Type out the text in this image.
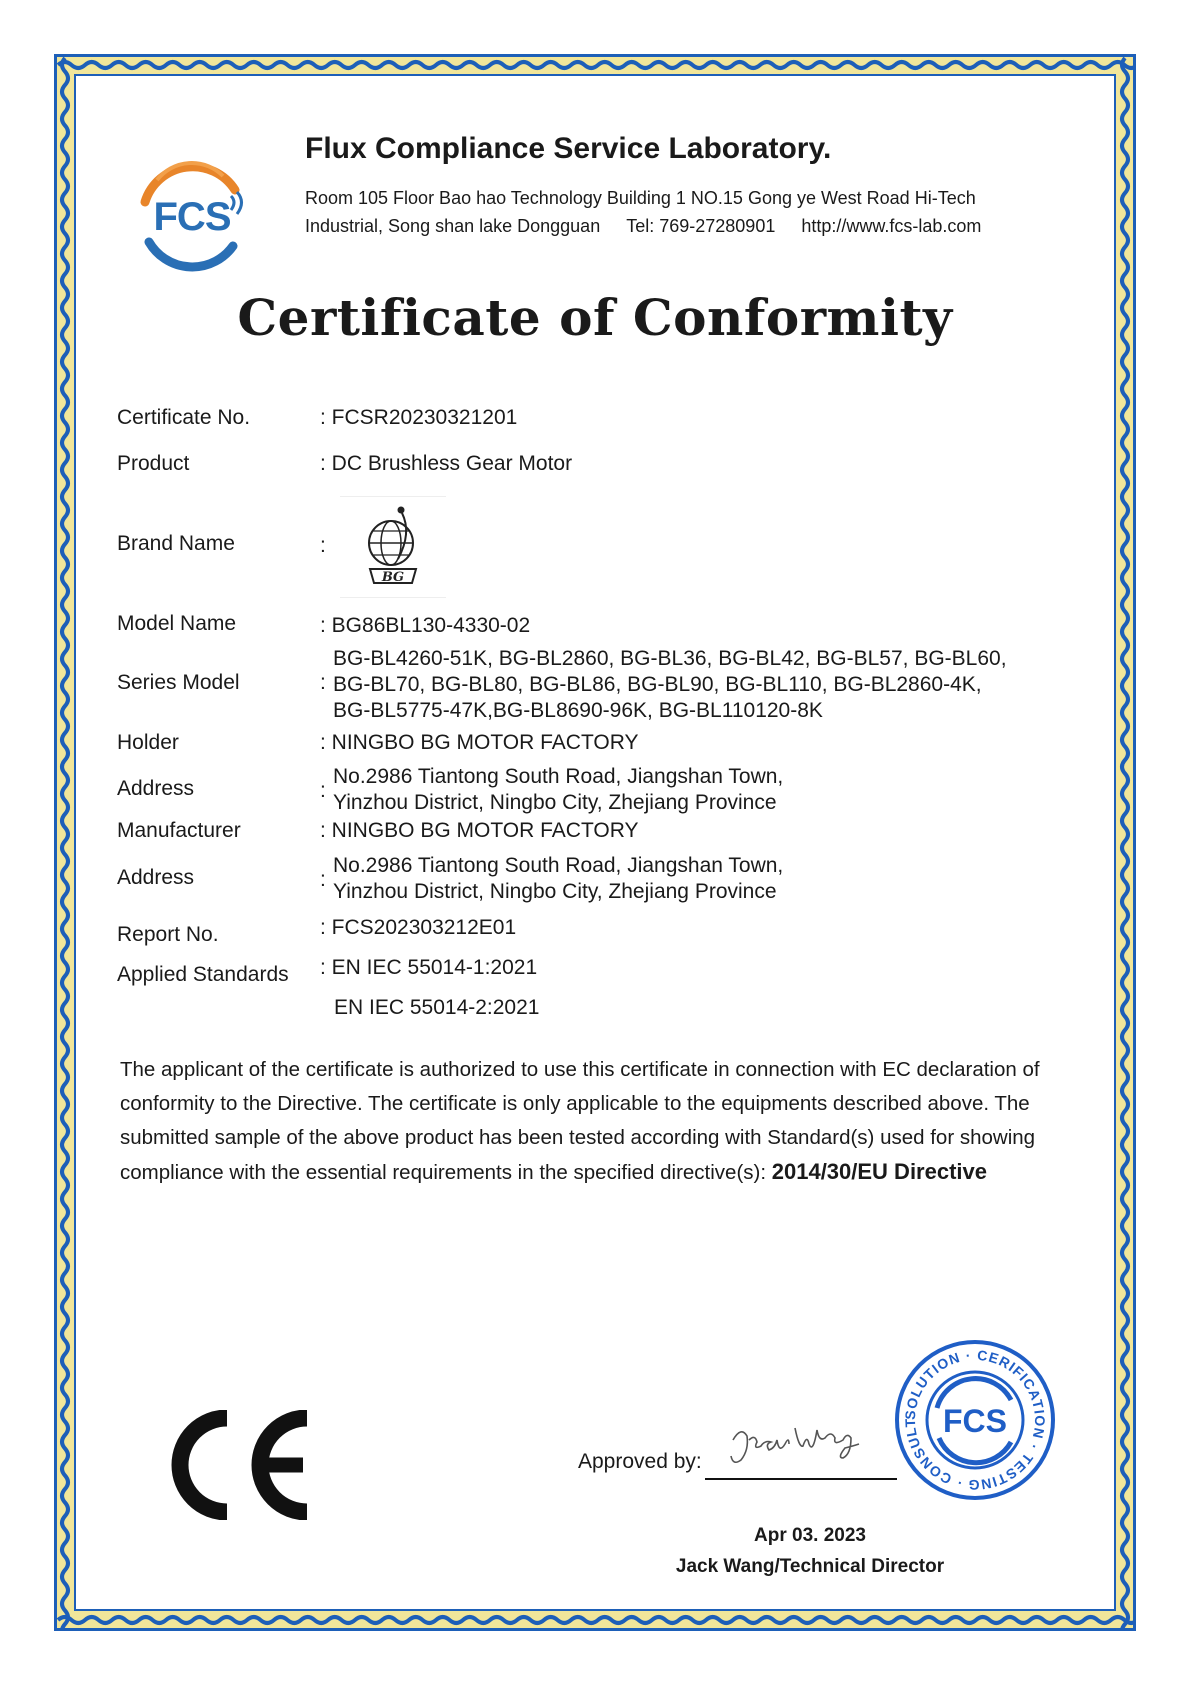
FCS
Flux Compliance Service Laboratory.
Room 105 Floor Bao hao Technology Building 1 NO.15 Gong ye West Road Hi-Tech
Industrial, Song shan lake Dongguan Tel: 769-27280901 http://www.fcs-lab.com
Certificate of Conformity
Certificate No.	: FCSR20230321201
Product	: DC Brushless Gear Motor
Brand Name	:
BG
Model Name	: BG86BL130-4330-02
Series Model	:
BG-BL4260-51K, BG-BL2860, BG-BL36, BG-BL42, BG-BL57, BG-BL60,
BG-BL70, BG-BL80, BG-BL86, BG-BL90, BG-BL110, BG-BL2860-4K,
BG-BL5775-47K,BG-BL8690-96K, BG-BL110120-8K
Holder	: NINGBO BG MOTOR FACTORY
Address	:
No.2986 Tiantong South Road, Jiangshan Town,
Yinzhou District, Ningbo City, Zhejiang Province
Manufacturer	: NINGBO BG MOTOR FACTORY
Address	:
No.2986 Tiantong South Road, Jiangshan Town,
Yinzhou District, Ningbo City, Zhejiang Province
Report No.	: FCS202303212E01
Applied Standards : EN IEC 55014-1:2021
EN IEC 55014-2:2021
The applicant of the certificate is authorized to use this certificate in connection with EC declaration of conformity to the Directive. The certificate is only applicable to the equipments described above. The submitted sample of the above product has been tested according with Standard(s) used for showing compliance with the essential requirements in the specified directive(s): 2014/30/EU Directive
Approved by:
Apr 03. 2023
Jack Wang/Technical Director
SOLUTION · CERIFICATION · TESTING · CONSULT FCS
